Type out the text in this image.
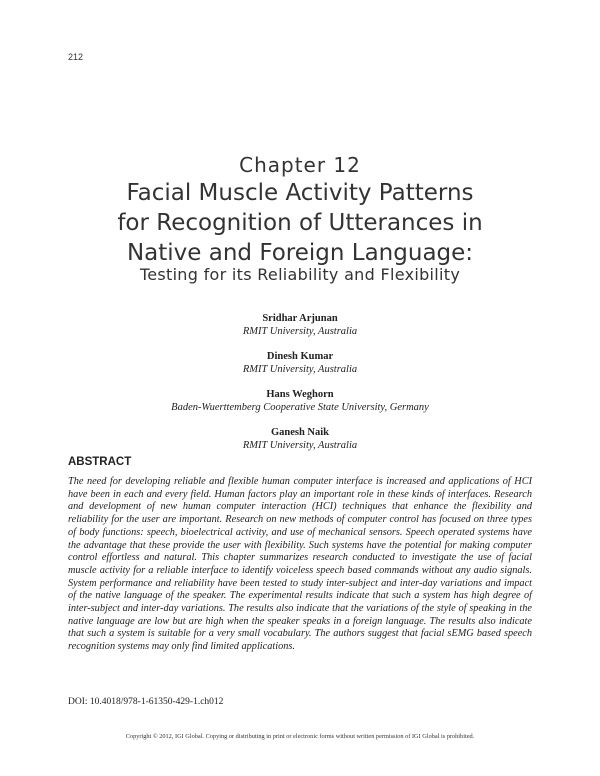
212
Chapter 12
Facial Muscle Activity Patterns
for Recognition of Utterances in
Native and Foreign Language:
Testing for its Reliability and Flexibility
Sridhar Arjunan
RMIT University, Australia
Dinesh Kumar
RMIT University, Australia
Hans Weghorn
Baden-Wuerttemberg Cooperative State University, Germany
Ganesh Naik
RMIT University, Australia
ABSTRACT
The need for developing reliable and flexible human computer interface is increased and applications of HCI have been in each and every field. Human factors play an important role in these kinds of interfaces. Research and development of new human computer interaction (HCI) techniques that enhance the flexibility and reliability for the user are important. Research on new methods of computer control has focused on three types of body functions: speech, bioelectrical activity, and use of mechanical sensors. Speech operated systems have the advantage that these provide the user with flexibility. Such systems have the potential for making computer control effortless and natural. This chapter summarizes research conducted to investigate the use of facial muscle activity for a reliable interface to identify voiceless speech based commands without any audio signals. System performance and reliability have been tested to study inter-subject and inter-day variations and impact of the native language of the speaker. The experimental results indicate that such a system has high degree of inter-subject and inter-day variations. The results also indicate that the variations of the style of speaking in the native language are low but are high when the speaker speaks in a foreign language. The results also indicate that such a system is suitable for a very small vocabulary. The authors suggest that facial sEMG based speech recognition systems may only find limited applications.
DOI: 10.4018/978-1-61350-429-1.ch012
Copyright © 2012, IGI Global. Copying or distributing in print or electronic forms without written permission of IGI Global is prohibited.
